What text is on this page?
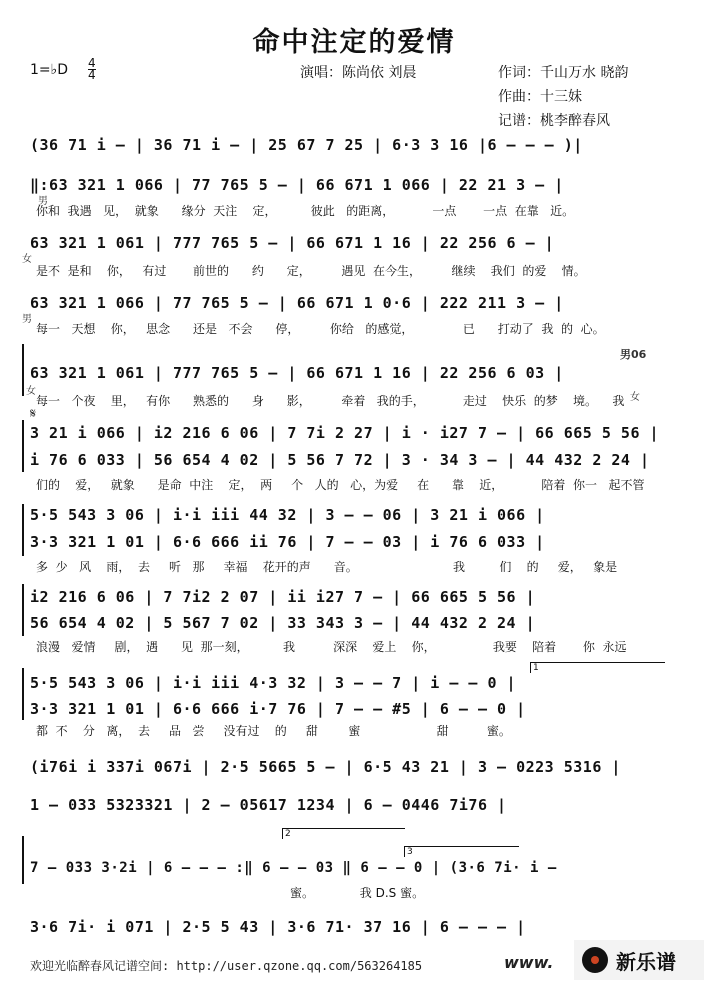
命中注定的爱情
1=♭D 4
4	演唱：陈尚依 刘晨	作词：千山万水 晓韵
作曲：十三妹
记谱：桃李醉春风
(36 71 i – | 36 71 i – | 25 67 7 25 | 6·3 3 16 |6 – – – )|
‖:63 321 1 066 | 77 765 5 – | 66 671 1 066 | 22 21 3 – |
男
你和  我遇   见，  就象      缘分  天注    定，         彼此   的距离，          一点       一点  在靠   近。
63 321 1 061 | 777 765 5 – | 66 671 1 16 | 22 256 6 – |
女
是不  是和    你，   有过       前世的      约      定，        遇见  在今生，        继续    我们  的爱    情。
63 321 1 066 | 77 765 5 – | 66 671 1 0·6 | 222 211 3 – |
男
每一   天想    你，   思念      还是   不会      停，        你给   的感觉，             已      打动了  我  的  心。
男06
63 321 1 061 | 777 765 5 – | 66 671 1 16 | 22 256 6 03 |
女
女
每一   个夜    里，   有你      熟悉的      身      影，        牵着   我的手，          走过    快乐  的梦    境。    我
𝄋
3 21 i 066 | i2 216 6 06 | 7 7i 2 27 | i · i27 7 – | 66 665 5 56 |
i 76 6 033 | 56 654 4 02 | 5 56 7 72 | 3 · 34 3 – | 44 432 2 24 |
们的    爱，   就象      是命  中注    定，  两     个   人的   心，为爱     在      靠    近，          陪着  你一   起不管
5·5 543 3 06 | i·i iii 44 32 | 3 – – 06 | 3 21 i 066 |
3·3 321 1 01 | 6·6 666 ii 76 | 7 – – 03 | i 76 6 033 |
多  少   风    雨，  去     听   那     幸福    花开的声      音。                         我         们    的     爱，   象是
i2 216 6 06 | 7 7i2 2 07 | ii i27 7 – | 66 665 5 56 |
56 654 4 02 | 5 567 7 02 | 33 343 3 – | 44 432 2 24 |
浪漫   爱情     剧，  遇      见  那一刻，         我          深深    爱上    你，               我要    陪着       你  永远
1
5·5 543 3 06 | i·i iii 4·3 32 | 3 – – 7 | i – – 0 |
3·3 321 1 01 | 6·6 666 i·7 76 | 7 – – #5 | 6 – – 0 |
都  不    分   离，  去     品   尝     没有过    的     甜        蜜                    甜          蜜。
(i76i i 337i 067i | 2·5 5665 5 – | 6·5 43 21 | 3 – 0223 5316 |
1 – 033 5323321 | 2 – 05617 1234 | 6 – 0446 7i76 |
2
3
7 – 033 3·2i | 6 – – – :‖ 6 – – 03 ‖ 6 – – 0 | (3·6 7i· i –
蜜。            我 D.S 蜜。
3·6 7i· i 071 | 2·5 5 43 | 3·6 71· 37 16 | 6 – – – |
欢迎光临醉春风记谱空间: http://user.qzone.qq.com/563264185	www.	新乐谱
